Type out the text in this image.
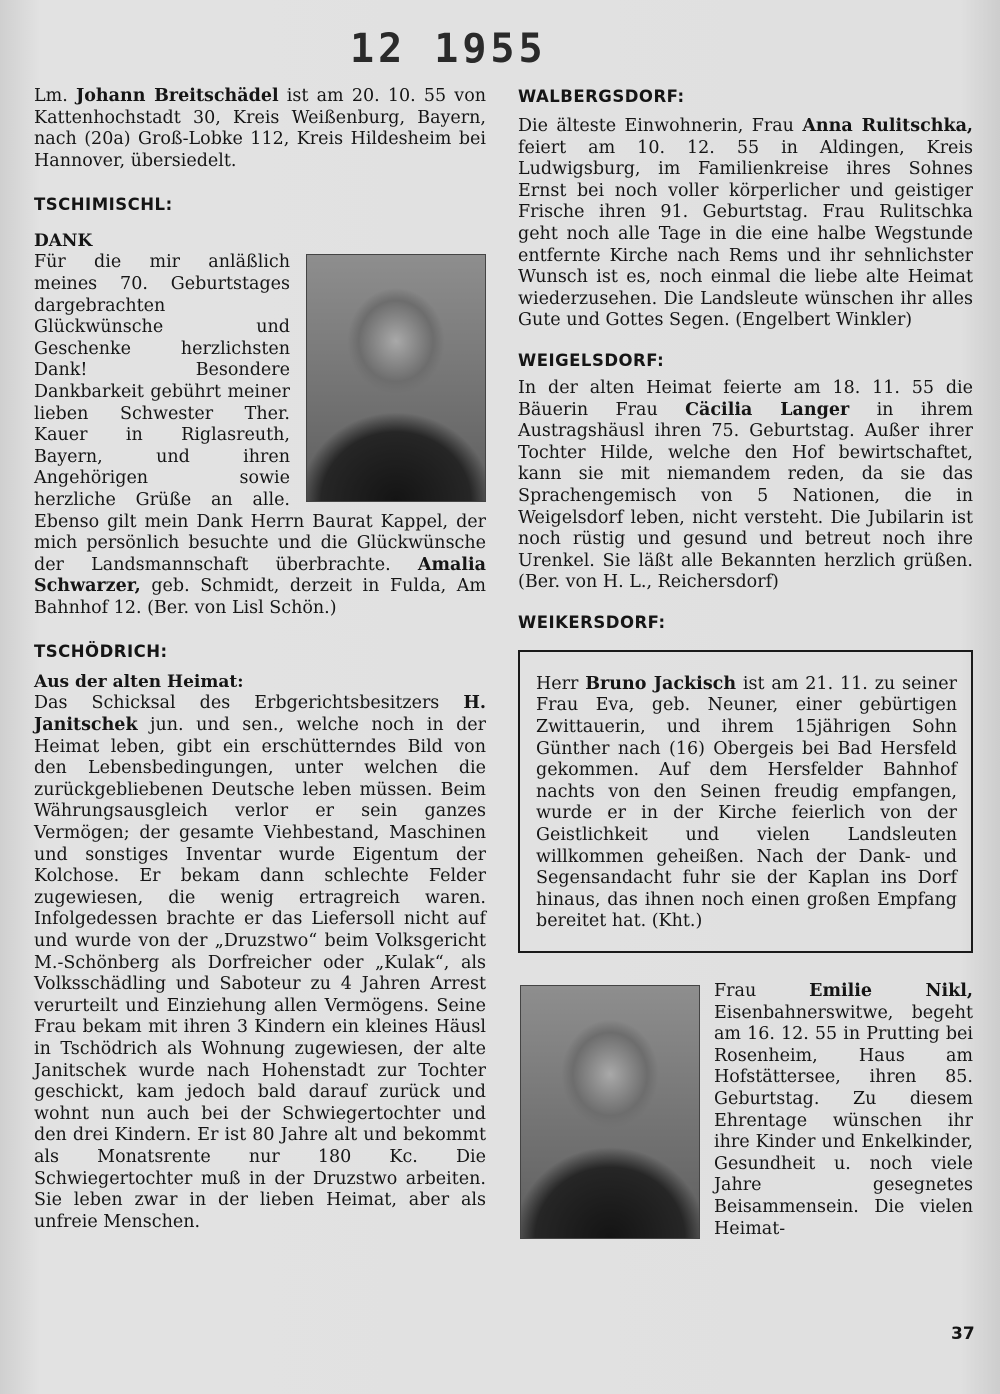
12 1955

Lm. Johann Breitschädel ist am 20. 10. 55 von Kattenhochstadt 30, Kreis Weißenburg, Bayern, nach (20a) Groß-Lobke 112, Kreis Hildesheim bei Hannover, übersiedelt.

TSCHIMISCHL:
DANK

Für die mir anläßlich meines 70. Geburtstages dargebrachten Glückwünsche und Geschenke herzlichsten Dank! Besondere Dankbarkeit gebührt meiner lieben Schwester Ther. Kauer in Riglasreuth, Bayern, und ihren Angehörigen sowie herzliche Grüße an alle. Ebenso gilt mein Dank Herrn Baurat Kappel, der mich persönlich besuchte und die Glückwünsche der Landsmannschaft überbrachte. Amalia Schwarzer, geb. Schmidt, derzeit in Fulda, Am Bahnhof 12. (Ber. von Lisl Schön.)

TSCHÖDRICH:
Aus der alten Heimat:

Das Schicksal des Erbgerichtsbesitzers H. Janitschek jun. und sen., welche noch in der Heimat leben, gibt ein erschütterndes Bild von den Lebensbedingungen, unter welchen die zurückgebliebenen Deutsche leben müssen. Beim Währungsausgleich verlor er sein ganzes Vermögen; der gesamte Viehbestand, Maschinen und sonstiges Inventar wurde Eigentum der Kolchose. Er bekam dann schlechte Felder zugewiesen, die wenig ertragreich waren. Infolgedessen brachte er das Liefersoll nicht auf und wurde von der „Druzstwo“ beim Volksgericht M.-Schönberg als Dorfreicher oder „Kulak“, als Volksschädling und Saboteur zu 4 Jahren Arrest verurteilt und Einziehung allen Vermögens. Seine Frau bekam mit ihren 3 Kindern ein kleines Häusl in Tschödrich als Wohnung zugewiesen, der alte Janitschek wurde nach Hohenstadt zur Tochter geschickt, kam jedoch bald darauf zurück und wohnt nun auch bei der Schwiegertochter und den drei Kindern. Er ist 80 Jahre alt und bekommt als Monatsrente nur 180 Kc. Die Schwiegertochter muß in der Druzstwo arbeiten. Sie leben zwar in der lieben Heimat, aber als unfreie Menschen.

WALBERGSDORF:

Die älteste Einwohnerin, Frau Anna Rulitschka, feiert am 10. 12. 55 in Aldingen, Kreis Ludwigsburg, im Familienkreise ihres Sohnes Ernst bei noch voller körperlicher und geistiger Frische ihren 91. Geburtstag. Frau Rulitschka geht noch alle Tage in die eine halbe Wegstunde entfernte Kirche nach Rems und ihr sehnlichster Wunsch ist es, noch einmal die liebe alte Heimat wiederzusehen. Die Landsleute wünschen ihr alles Gute und Gottes Segen. (Engelbert Winkler)

WEIGELSDORF:

In der alten Heimat feierte am 18. 11. 55 die Bäuerin Frau Cäcilia Langer in ihrem Austragshäusl ihren 75. Geburtstag. Außer ihrer Tochter Hilde, welche den Hof bewirtschaftet, kann sie mit niemandem reden, da sie das Sprachengemisch von 5 Nationen, die in Weigelsdorf leben, nicht versteht. Die Jubilarin ist noch rüstig und gesund und betreut noch ihre Urenkel. Sie läßt alle Bekannten herzlich grüßen. (Ber. von H. L., Reichersdorf)

WEIKERSDORF:

Herr Bruno Jackisch ist am 21. 11. zu seiner Frau Eva, geb. Neuner, einer gebürtigen Zwittauerin, und ihrem 15jährigen Sohn Günther nach (16) Obergeis bei Bad Hersfeld gekommen. Auf dem Hersfelder Bahnhof nachts von den Seinen freudig empfangen, wurde er in der Kirche feierlich von der Geistlichkeit und vielen Landsleuten willkommen geheißen. Nach der Dank- und Segensandacht fuhr sie der Kaplan ins Dorf hinaus, das ihnen noch einen großen Empfang bereitet hat. (Kht.)

Frau Emilie Nikl, Eisenbahnerswitwe, begeht am 16. 12. 55 in Prutting bei Rosenheim, Haus am Hofstättersee, ihren 85. Geburtstag. Zu diesem Ehrentage wünschen ihr ihre Kinder und Enkelkinder, Gesundheit u. noch viele Jahre gesegnetes Beisammensein. Die vielen Heimat-

37
